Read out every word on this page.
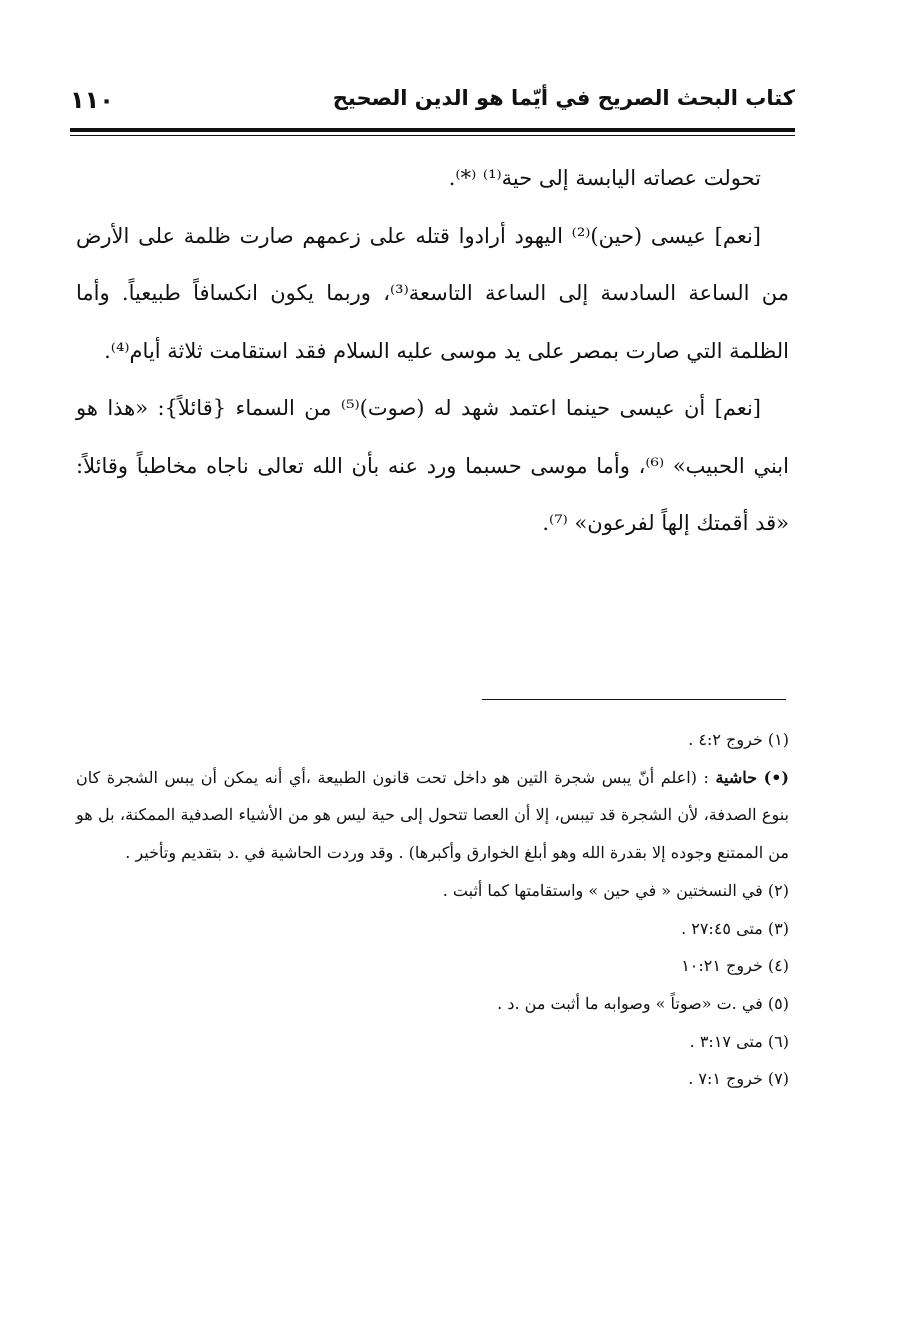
كتاب البحث الصريح في أيّما هو الدين الصحيح
١١٠

تحولت عصاته اليابسة إلى حية⁽¹⁾ ⁽*⁾.

[نعم] عيسى (حين)⁽²⁾ اليهود أرادوا قتله على زعمهم صارت ظلمة على الأرض من الساعة السادسة إلى الساعة التاسعة⁽³⁾، وربما يكون انكسافاً طبيعياً. وأما الظلمة التي صارت بمصر على يد موسى عليه السلام فقد استقامت ثلاثة أيام⁽⁴⁾.

[نعم] أن عيسى حينما اعتمد شهد له (صوت)⁽⁵⁾ من السماء {قائلاً}: «هذا هو ابني الحبيب» ⁽⁶⁾، وأما موسى حسبما ورد عنه بأن الله تعالى ناجاه مخاطباً وقائلاً: «قد أقمتك إلهاً لفرعون» ⁽⁷⁾.

(١) خروج ٤:٢ .

(•) حاشية : (اعلم أنّ يبس شجرة التين هو داخل تحت قانون الطبيعة ،أي أنه يمكن أن يبس الشجرة كان بنوع الصدفة، لأن الشجرة قد تيبس، إلا أن العصا تتحول إلى حية ليس هو من الأشياء الصدفية الممكنة، بل هو من الممتنع وجوده إلا بقدرة الله وهو أبلغ الخوارق وأكبرها) . وقد وردت الحاشية في .د بتقديم وتأخير .

(٢) في النسختين « في حين » واستقامتها كما أثبت .

(٣) متى ٢٧:٤٥ .

(٤) خروج ١٠:٢١

(٥) في .ت «صوتاً » وصوابه ما أثبت من .د .

(٦) متى ٣:١٧ .

(٧) خروج ٧:١ .
